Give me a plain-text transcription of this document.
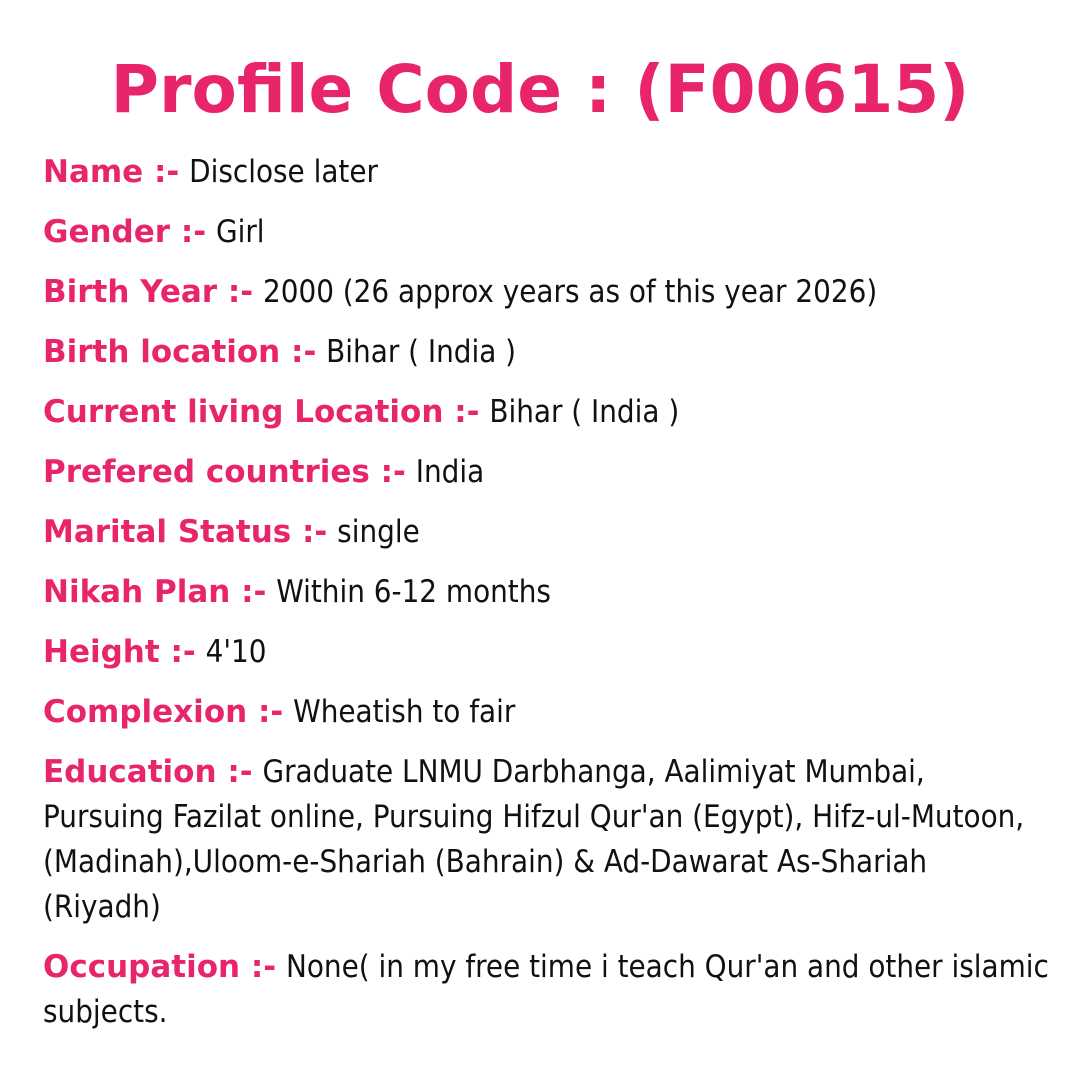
Profile Code : (F00615)
Name :- Disclose later
Gender :- Girl
Birth Year :- 2000 (26 approx years as of this year 2026)
Birth location :- Bihar ( India )
Current living Location :- Bihar ( India )
Prefered countries :- India
Marital Status :- single
Nikah Plan :- Within 6-12 months
Height :- 4'10
Complexion :- Wheatish to fair
Education :- Graduate LNMU Darbhanga, Aalimiyat Mumbai, Pursuing Fazilat online, Pursuing Hifzul Qur'an (Egypt), Hifz-ul-Mutoon, (Madinah),Uloom-e-Shariah (Bahrain) & Ad-Dawarat As-Shariah (Riyadh)
Occupation :- None( in my free time i teach Qur'an and other islamic subjects.
